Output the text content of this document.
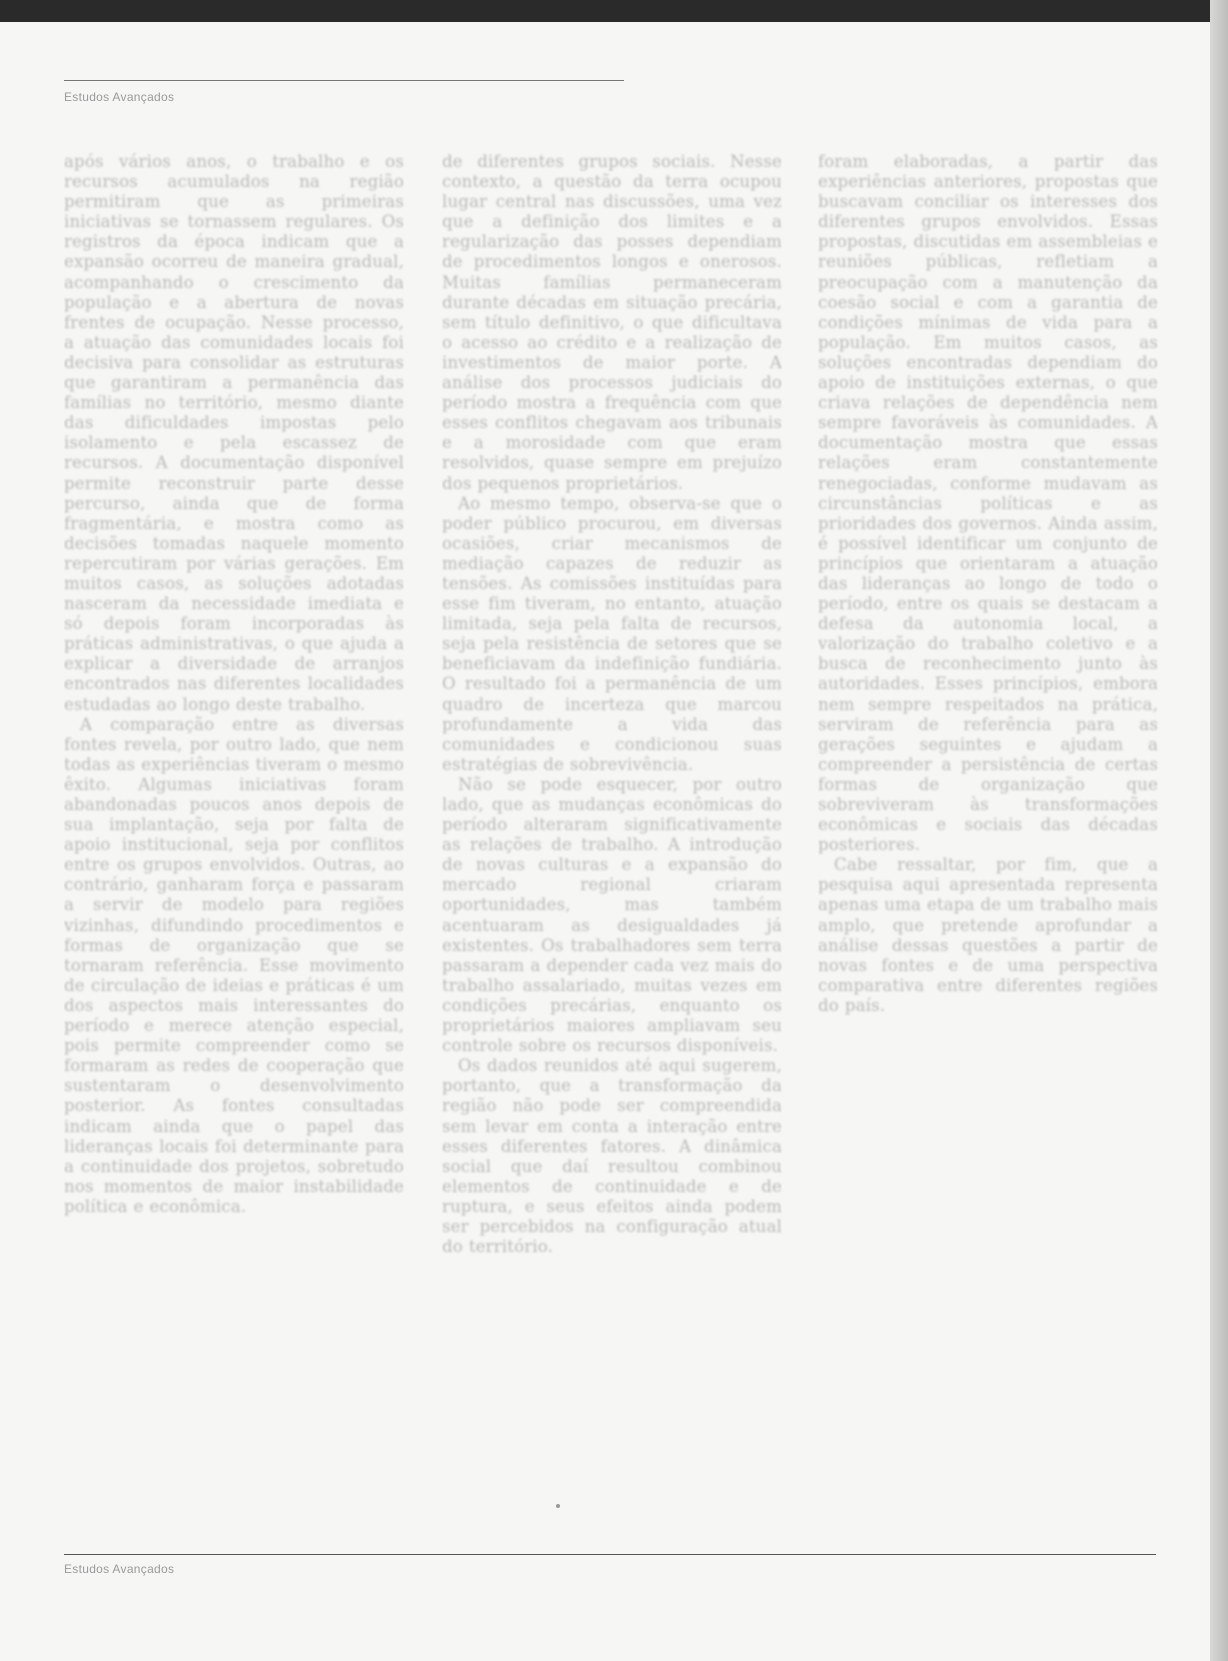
Estudos Avançados

após vários anos, o trabalho e os recursos acumulados na região permitiram que as primeiras iniciativas se tornassem regulares. Os registros da época indicam que a expansão ocorreu de maneira gradual, acompanhando o crescimento da população e a abertura de novas frentes de ocupação. Nesse processo, a atuação das comunidades locais foi decisiva para consolidar as estruturas que garantiram a permanência das famílias no território, mesmo diante das dificuldades impostas pelo isolamento e pela escassez de recursos. A documentação disponível permite reconstruir parte desse percurso, ainda que de forma fragmentária, e mostra como as decisões tomadas naquele momento repercutiram por várias gerações. Em muitos casos, as soluções adotadas nasceram da necessidade imediata e só depois foram incorporadas às práticas administrativas, o que ajuda a explicar a diversidade de arranjos encontrados nas diferentes localidades estudadas ao longo deste trabalho.

A comparação entre as diversas fontes revela, por outro lado, que nem todas as experiências tiveram o mesmo êxito. Algumas iniciativas foram abandonadas poucos anos depois de sua implantação, seja por falta de apoio institucional, seja por conflitos entre os grupos envolvidos. Outras, ao contrário, ganharam força e passaram a servir de modelo para regiões vizinhas, difundindo procedimentos e formas de organização que se tornaram referência. Esse movimento de circulação de ideias e práticas é um dos aspectos mais interessantes do período e merece atenção especial, pois permite compreender como se formaram as redes de cooperação que sustentaram o desenvolvimento posterior. As fontes consultadas indicam ainda que o papel das lideranças locais foi determinante para a continuidade dos projetos, sobretudo nos momentos de maior instabilidade política e econômica.

de diferentes grupos sociais. Nesse contexto, a questão da terra ocupou lugar central nas discussões, uma vez que a definição dos limites e a regularização das posses dependiam de procedimentos longos e onerosos. Muitas famílias permaneceram durante décadas em situação precária, sem título definitivo, o que dificultava o acesso ao crédito e a realização de investimentos de maior porte. A análise dos processos judiciais do período mostra a frequência com que esses conflitos chegavam aos tribunais e a morosidade com que eram resolvidos, quase sempre em prejuízo dos pequenos proprietários.

Ao mesmo tempo, observa-se que o poder público procurou, em diversas ocasiões, criar mecanismos de mediação capazes de reduzir as tensões. As comissões instituídas para esse fim tiveram, no entanto, atuação limitada, seja pela falta de recursos, seja pela resistência de setores que se beneficiavam da indefinição fundiária. O resultado foi a permanência de um quadro de incerteza que marcou profundamente a vida das comunidades e condicionou suas estratégias de sobrevivência.

Não se pode esquecer, por outro lado, que as mudanças econômicas do período alteraram significativamente as relações de trabalho. A introdução de novas culturas e a expansão do mercado regional criaram oportunidades, mas também acentuaram as desigualdades já existentes. Os trabalhadores sem terra passaram a depender cada vez mais do trabalho assalariado, muitas vezes em condições precárias, enquanto os proprietários maiores ampliavam seu controle sobre os recursos disponíveis.

Os dados reunidos até aqui sugerem, portanto, que a transformação da região não pode ser compreendida sem levar em conta a interação entre esses diferentes fatores. A dinâmica social que daí resultou combinou elementos de continuidade e de ruptura, e seus efeitos ainda podem ser percebidos na configuração atual do território.

foram elaboradas, a partir das experiências anteriores, propostas que buscavam conciliar os interesses dos diferentes grupos envolvidos. Essas propostas, discutidas em assembleias e reuniões públicas, refletiam a preocupação com a manutenção da coesão social e com a garantia de condições mínimas de vida para a população. Em muitos casos, as soluções encontradas dependiam do apoio de instituições externas, o que criava relações de dependência nem sempre favoráveis às comunidades. A documentação mostra que essas relações eram constantemente renegociadas, conforme mudavam as circunstâncias políticas e as prioridades dos governos. Ainda assim, é possível identificar um conjunto de princípios que orientaram a atuação das lideranças ao longo de todo o período, entre os quais se destacam a defesa da autonomia local, a valorização do trabalho coletivo e a busca de reconhecimento junto às autoridades. Esses princípios, embora nem sempre respeitados na prática, serviram de referência para as gerações seguintes e ajudam a compreender a persistência de certas formas de organização que sobreviveram às transformações econômicas e sociais das décadas posteriores.

Cabe ressaltar, por fim, que a pesquisa aqui apresentada representa apenas uma etapa de um trabalho mais amplo, que pretende aprofundar a análise dessas questões a partir de novas fontes e de uma perspectiva comparativa entre diferentes regiões do país.

Estudos Avançados
